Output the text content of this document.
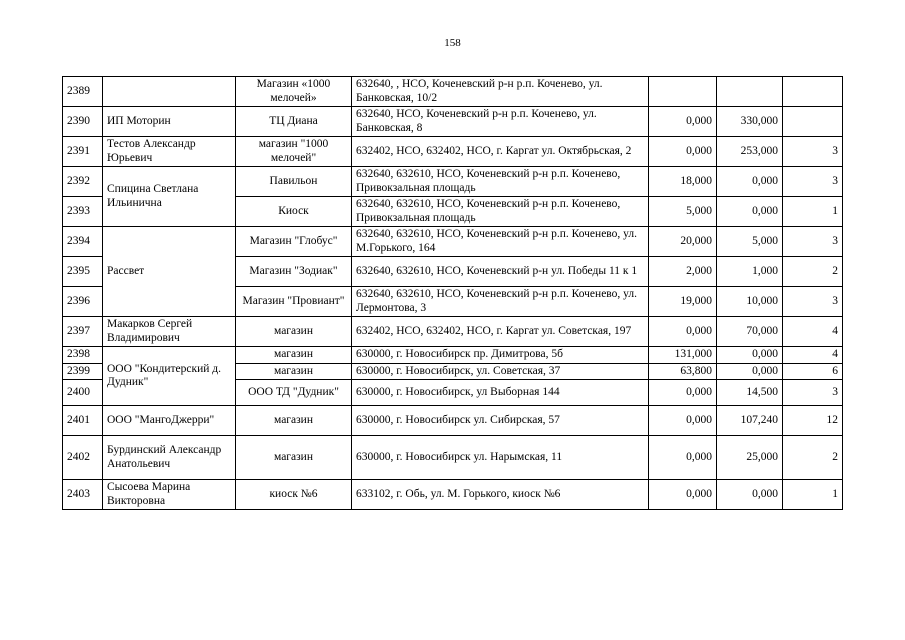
158
2389		Магазин «1000 мелочей»	632640, , НСО, Коченевский р-н р.п. Коченево, ул. Банковская, 10/2			
2390	ИП Моторин	ТЦ Диана	632640, НСО, Коченевский р-н р.п. Коченево, ул. Банковская, 8	0,000	330,000	
2391	Тестов Александр Юрьевич	магазин "1000 мелочей"	632402, НСО, 632402, НСО, г. Каргат ул. Октябрьская, 2	0,000	253,000	3
2392	Спицина Светлана Ильинична	Павильон	632640, 632610, НСО, Коченевский р-н р.п. Коченево, Привокзальная площадь	18,000	0,000	3
2393		Киоск	632640, 632610, НСО, Коченевский р-н р.п. Коченево, Привокзальная площадь	5,000	0,000	1
2394	Рассвет	Магазин "Глобус"	632640, 632610, НСО, Коченевский р-н р.п. Коченево, ул. М.Горького, 164	20,000	5,000	3
2395		Магазин "Зодиак"	632640, 632610, НСО, Коченевский р-н ул. Победы 11 к 1	2,000	1,000	2
2396		Магазин "Провиант"	632640, 632610, НСО, Коченевский р-н р.п. Коченево, ул. Лермонтова, 3	19,000	10,000	3
2397	Макарков Сергей Владимирович	магазин	632402, НСО, 632402, НСО, г. Каргат ул. Советская, 197	0,000	70,000	4
2398	ООО "Кондитерский д. Дудник"	магазин	630000, г. Новосибирск пр. Димитрова, 5б	131,000	0,000	4
2399		магазин	630000, г. Новосибирск, ул. Советская, 37	63,800	0,000	6
2400		ООО ТД "Дудник"	630000, г. Новосибирск, ул Выборная 144	0,000	14,500	3
2401	ООО "МангоДжерри"	магазин	630000, г. Новосибирск ул. Сибирская, 57	0,000	107,240	12
2402	Бурдинский Александр Анатольевич	магазин	630000, г. Новосибирск ул. Нарымская, 11	0,000	25,000	2
2403	Сысоева Марина Викторовна	киоск №6	633102, г. Обь, ул. М. Горького, киоск №6	0,000	0,000	1
